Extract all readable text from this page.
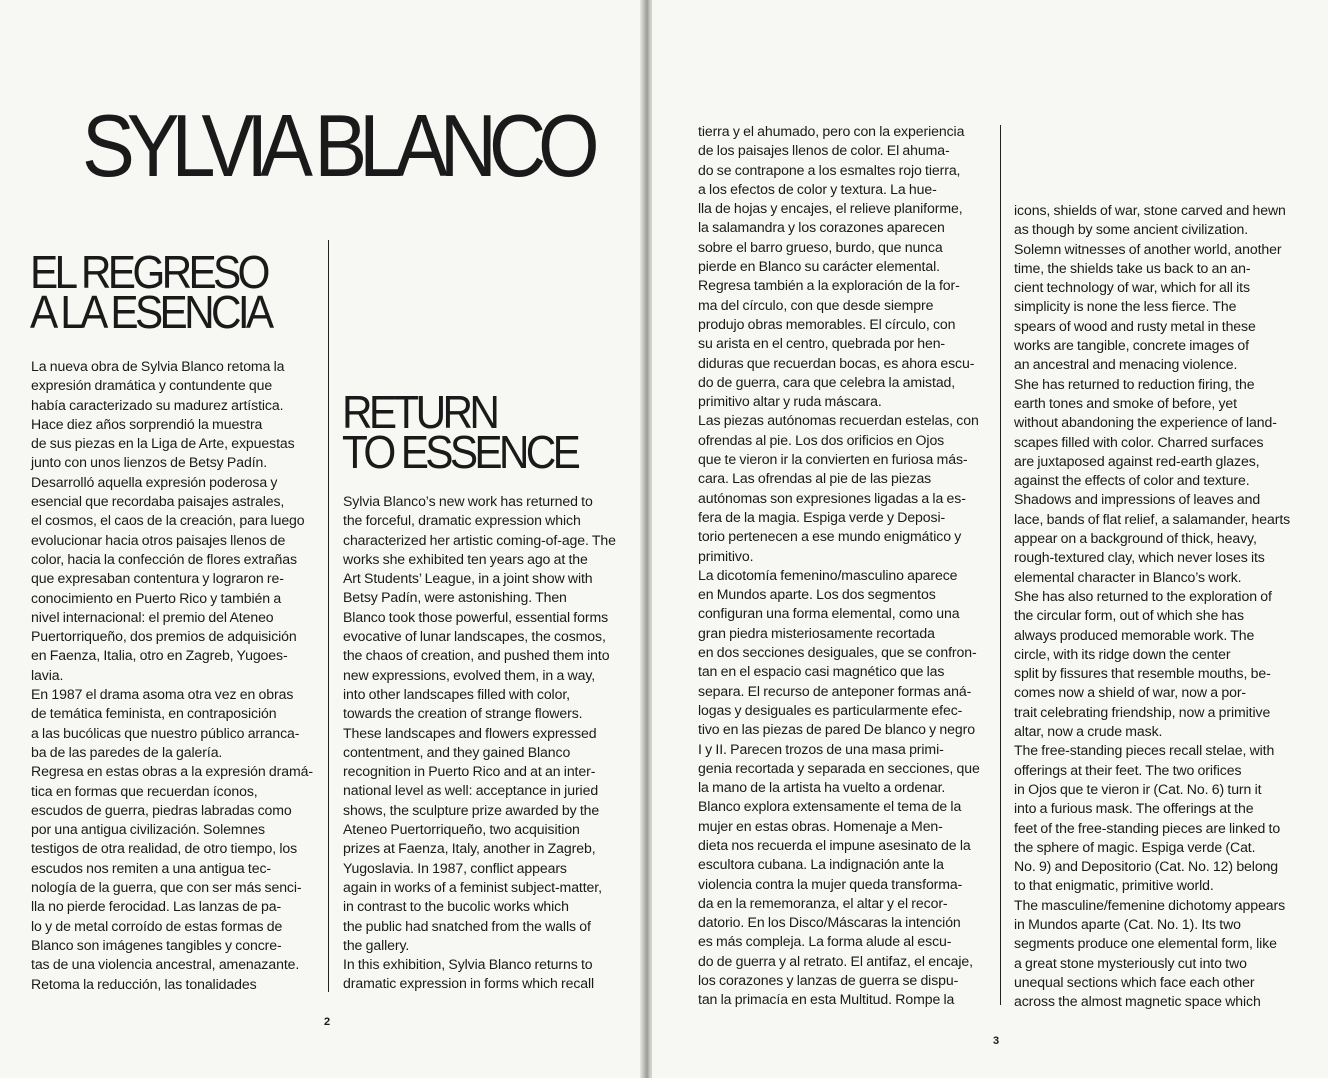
SYLVIA BLANCO
EL REGRESO
A LA ESENCIA

La nueva obra de Sylvia Blanco retoma la

expresión dramática y contundente que

había caracterizado su madurez artística.

Hace diez años sorprendió la muestra

de sus piezas en la Liga de Arte, expuestas

junto con unos lienzos de Betsy Padín.

Desarrolló aquella expresión poderosa y

esencial que recordaba paisajes astrales,

el cosmos, el caos de la creación, para luego

evolucionar hacia otros paisajes llenos de

color, hacia la confección de flores extrañas

que expresaban contentura y lograron re-

conocimiento en Puerto Rico y también a

nivel internacional: el premio del Ateneo

Puertorriqueño, dos premios de adquisición

en Faenza, Italia, otro en Zagreb, Yugoes-

lavia.

En 1987 el drama asoma otra vez en obras

de temática feminista, en contraposición

a las bucólicas que nuestro público arranca-

ba de las paredes de la galería.

Regresa en estas obras a la expresión dramá-

tica en formas que recuerdan íconos,

escudos de guerra, piedras labradas como

por una antigua civilización. Solemnes

testigos de otra realidad, de otro tiempo, los

escudos nos remiten a una antigua tec-

nología de la guerra, que con ser más senci-

lla no pierde ferocidad. Las lanzas de pa-

lo y de metal corroído de estas formas de

Blanco son imágenes tangibles y concre-

tas de una violencia ancestral, amenazante.

Retoma la reducción, las tonalidades

RETURN
TO ESSENCE

Sylvia Blanco’s new work has returned to

the forceful, dramatic expression which

characterized her artistic coming-of-age. The

works she exhibited ten years ago at the

Art Students’ League, in a joint show with

Betsy Padín, were astonishing. Then

Blanco took those powerful, essential forms

evocative of lunar landscapes, the cosmos,

the chaos of creation, and pushed them into

new expressions, evolved them, in a way,

into other landscapes filled with color,

towards the creation of strange flowers.

These landscapes and flowers expressed

contentment, and they gained Blanco

recognition in Puerto Rico and at an inter-

national level as well: acceptance in juried

shows, the sculpture prize awarded by the

Ateneo Puertorriqueño, two acquisition

prizes at Faenza, Italy, another in Zagreb,

Yugoslavia. In 1987, conflict appears

again in works of a feminist subject-matter,

in contrast to the bucolic works which

the public had snatched from the walls of

the gallery.

In this exhibition, Sylvia Blanco returns to

dramatic expression in forms which recall

2

tierra y el ahumado, pero con la experiencia

de los paisajes llenos de color. El ahuma-

do se contrapone a los esmaltes rojo tierra,

a los efectos de color y textura. La hue-

lla de hojas y encajes, el relieve planiforme,

la salamandra y los corazones aparecen

sobre el barro grueso, burdo, que nunca

pierde en Blanco su carácter elemental.

Regresa también a la exploración de la for-

ma del círculo, con que desde siempre

produjo obras memorables. El círculo, con

su arista en el centro, quebrada por hen-

diduras que recuerdan bocas, es ahora escu-

do de guerra, cara que celebra la amistad,

primitivo altar y ruda máscara.

Las piezas autónomas recuerdan estelas, con

ofrendas al pie. Los dos orificios en Ojos

que te vieron ir la convierten en furiosa más-

cara. Las ofrendas al pie de las piezas

autónomas son expresiones ligadas a la es-

fera de la magia. Espiga verde y Deposi-

torio pertenecen a ese mundo enigmático y

primitivo.

La dicotomía femenino/masculino aparece

en Mundos aparte. Los dos segmentos

configuran una forma elemental, como una

gran piedra misteriosamente recortada

en dos secciones desiguales, que se confron-

tan en el espacio casi magnético que las

separa. El recurso de anteponer formas aná-

logas y desiguales es particularmente efec-

tivo en las piezas de pared De blanco y negro

I y II. Parecen trozos de una masa primi-

genia recortada y separada en secciones, que

la mano de la artista ha vuelto a ordenar.

Blanco explora extensamente el tema de la

mujer en estas obras. Homenaje a Men-

dieta nos recuerda el impune asesinato de la

escultora cubana. La indignación ante la

violencia contra la mujer queda transforma-

da en la rememoranza, el altar y el recor-

datorio. En los Disco/Máscaras la intención

es más compleja. La forma alude al escu-

do de guerra y al retrato. El antifaz, el encaje,

los corazones y lanzas de guerra se dispu-

tan la primacía en esta Multitud. Rompe la

icons, shields of war, stone carved and hewn

as though by some ancient civilization.

Solemn witnesses of another world, another

time, the shields take us back to an an-

cient technology of war, which for all its

simplicity is none the less fierce. The

spears of wood and rusty metal in these

works are tangible, concrete images of

an ancestral and menacing violence.

She has returned to reduction firing, the

earth tones and smoke of before, yet

without abandoning the experience of land-

scapes filled with color. Charred surfaces

are juxtaposed against red-earth glazes,

against the effects of color and texture.

Shadows and impressions of leaves and

lace, bands of flat relief, a salamander, hearts

appear on a background of thick, heavy,

rough-textured clay, which never loses its

elemental character in Blanco’s work.

She has also returned to the exploration of

the circular form, out of which she has

always produced memorable work. The

circle, with its ridge down the center

split by fissures that resemble mouths, be-

comes now a shield of war, now a por-

trait celebrating friendship, now a primitive

altar, now a crude mask.

The free-standing pieces recall stelae, with

offerings at their feet. The two orifices

in Ojos que te vieron ir (Cat. No. 6) turn it

into a furious mask. The offerings at the

feet of the free-standing pieces are linked to

the sphere of magic. Espiga verde (Cat.

No. 9) and Depositorio (Cat. No. 12) belong

to that enigmatic, primitive world.

The masculine/femenine dichotomy appears

in Mundos aparte (Cat. No. 1). Its two

segments produce one elemental form, like

a great stone mysteriously cut into two

unequal sections which face each other

across the almost magnetic space which

3
